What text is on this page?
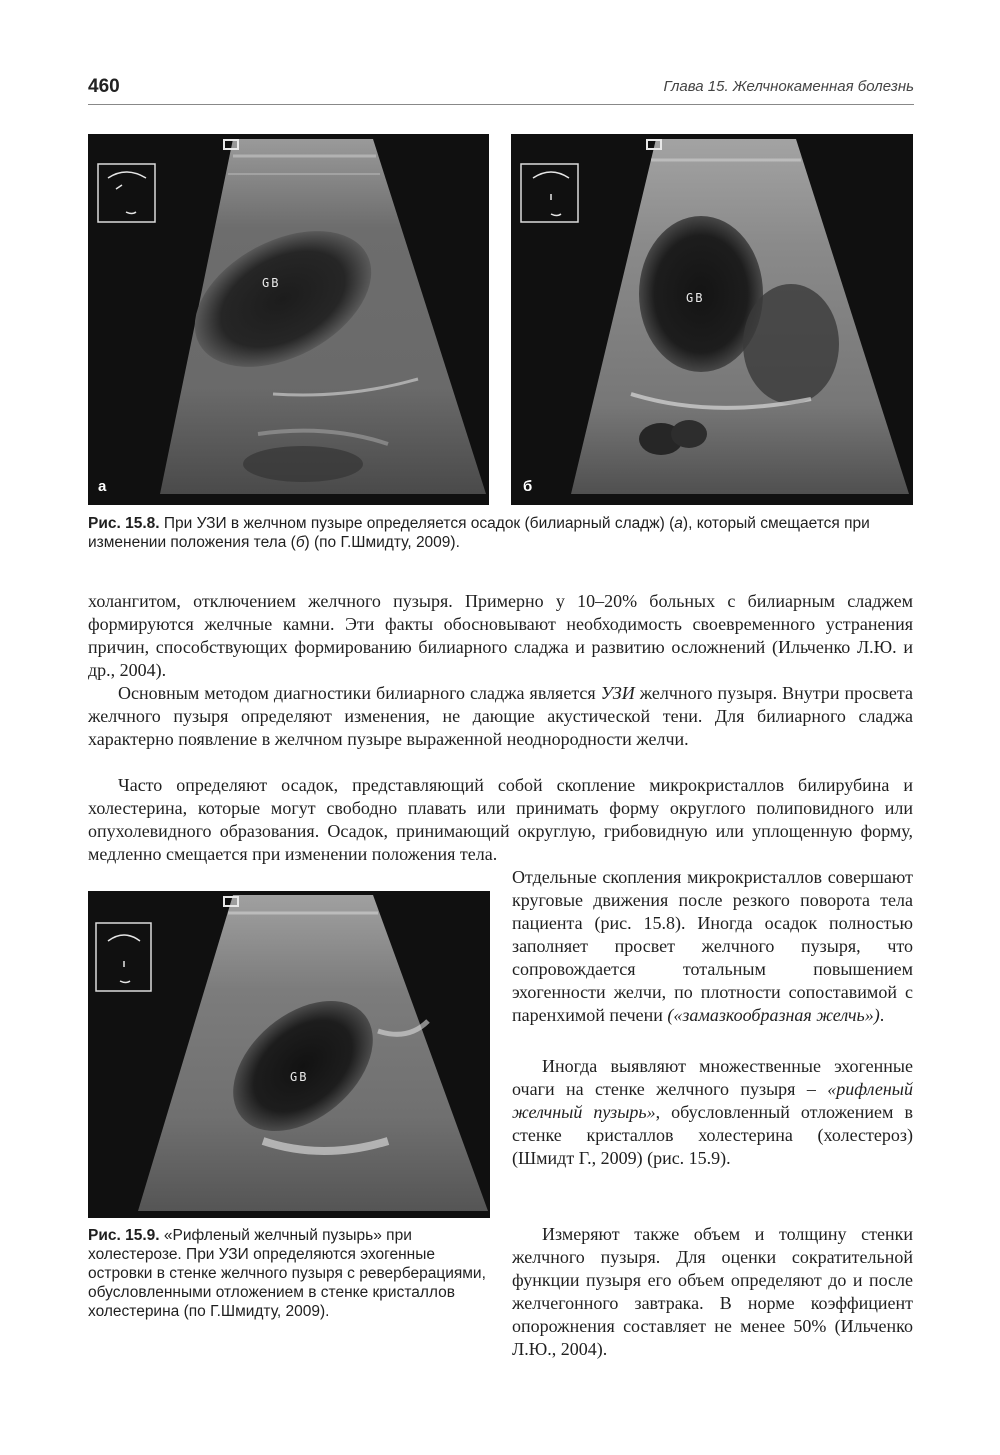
460	Глава 15. Желчнокаменная болезнь
GB
а
GB
б

Рис. 15.8. При УЗИ в желчном пузыре определяется осадок (билиарный сладж) (а), который смещается при изменении положения тела (б) (по Г.Шмидту, 2009).

холангитом, отключением желчного пузыря. Примерно у 10–20% больных с билиарным сладжем формируются желчные камни. Эти факты обосновывают необходимость своевременного устранения причин, способствующих формированию билиарного сладжа и развитию осложнений (Ильченко Л.Ю. и др., 2004).

Основным методом диагностики билиарного сладжа является УЗИ желчного пузыря. Внутри просвета желчного пузыря определяют изменения, не дающие акустической тени. Для билиарного сладжа характерно появление в желчном пузыре выраженной неоднородности желчи.

Часто определяют осадок, представляющий собой скопление микрокристаллов билирубина и холестерина, которые могут свободно плавать или принимать форму округлого полиповидного или опухолевидного образования. Осадок, принимающий округлую, грибовидную или уплощенную форму, медленно смещается при изменении положения тела.

GB

Рис. 15.9. «Рифленый желчный пузырь» при холестерозе. При УЗИ определяются эхогенные островки в стенке желчного пузыря с реверберациями, обусловленными отложением в стенке кристаллов холестерина (по Г.Шмидту, 2009).

Отдельные скопления микрокристаллов совершают круговые движения после резкого поворота тела пациента (рис. 15.8). Иногда осадок полностью заполняет просвет желчного пузыря, что сопровождается тотальным повышением эхогенности желчи, по плотности сопоставимой с паренхимой печени («замазкообразная желчь»).

Иногда выявляют множественные эхогенные очаги на стенке желчного пузыря – «рифленый желчный пузырь», обусловленный отложением в стенке кристаллов холестерина (холестероз) (Шмидт Г., 2009) (рис. 15.9).

Измеряют также объем и толщину стенки желчного пузыря. Для оценки сократительной функции пузыря его объем определяют до и после желчегонного завтрака. В норме коэффициент опорожнения составляет не менее 50% (Ильченко Л.Ю., 2004).
